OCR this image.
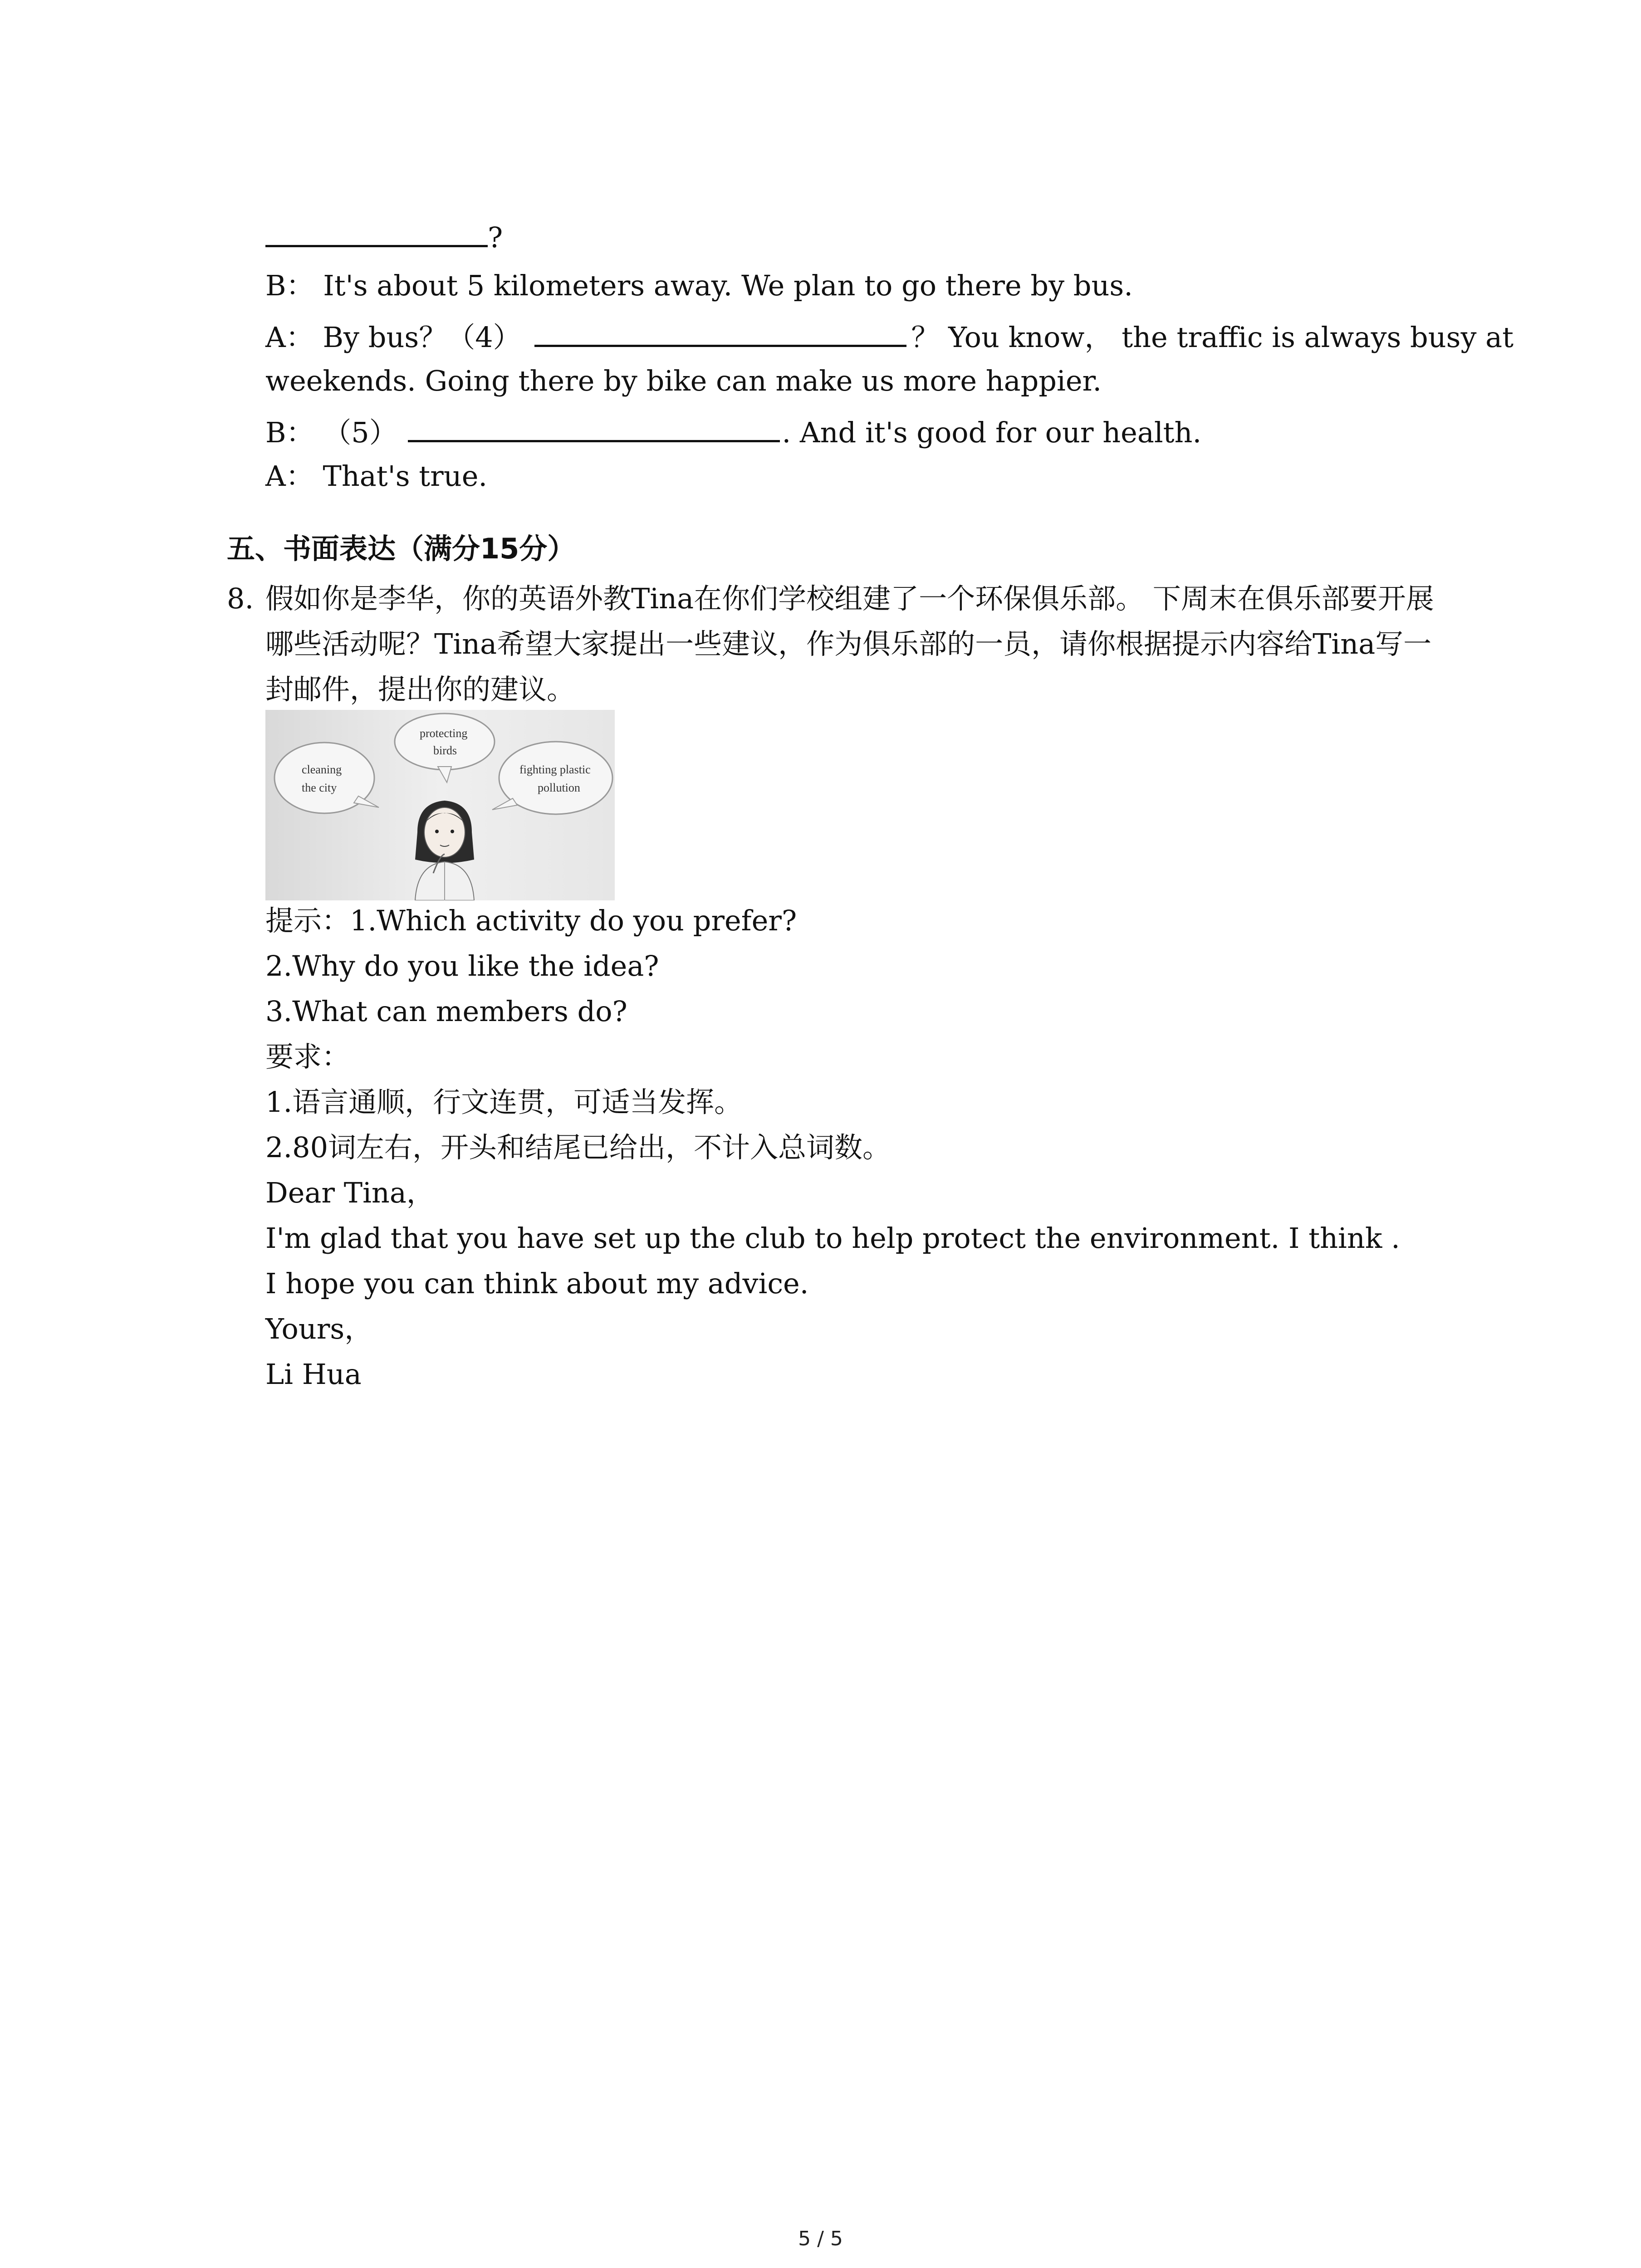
?
B： It's about 5 kilometers away. We plan to go there by bus.
A： By bus？（4）	？ You know， the traffic is always busy at
weekends. Going there by bike can make us more happier.
B： （5）	. And it's good for our health.
A： That's true.
五、书面表达（满分15分）
8. 假如你是李华，你的英语外教Tina在你们学校组建了一个环保俱乐部。 下周末在俱乐部要开展哪些活动呢？Tina希望大家提出一些建议，作为俱乐部的一员，请你根据提示内容给Tina写一封邮件，提出你的建议。
cleaning
the city
protecting
birds
fighting plastic
pollution
提示：1.Which activity do you prefer?
2.Why do you like the idea?
3.What can members do?
要求：
1.语言通顺，行文连贯，可适当发挥。
2.80词左右，开头和结尾已给出，不计入总词数。
Dear Tina，
I'm glad that you have set up the club to help protect the environment. I think .
I hope you can think about my advice.
Yours，
Li Hua
5 / 5
